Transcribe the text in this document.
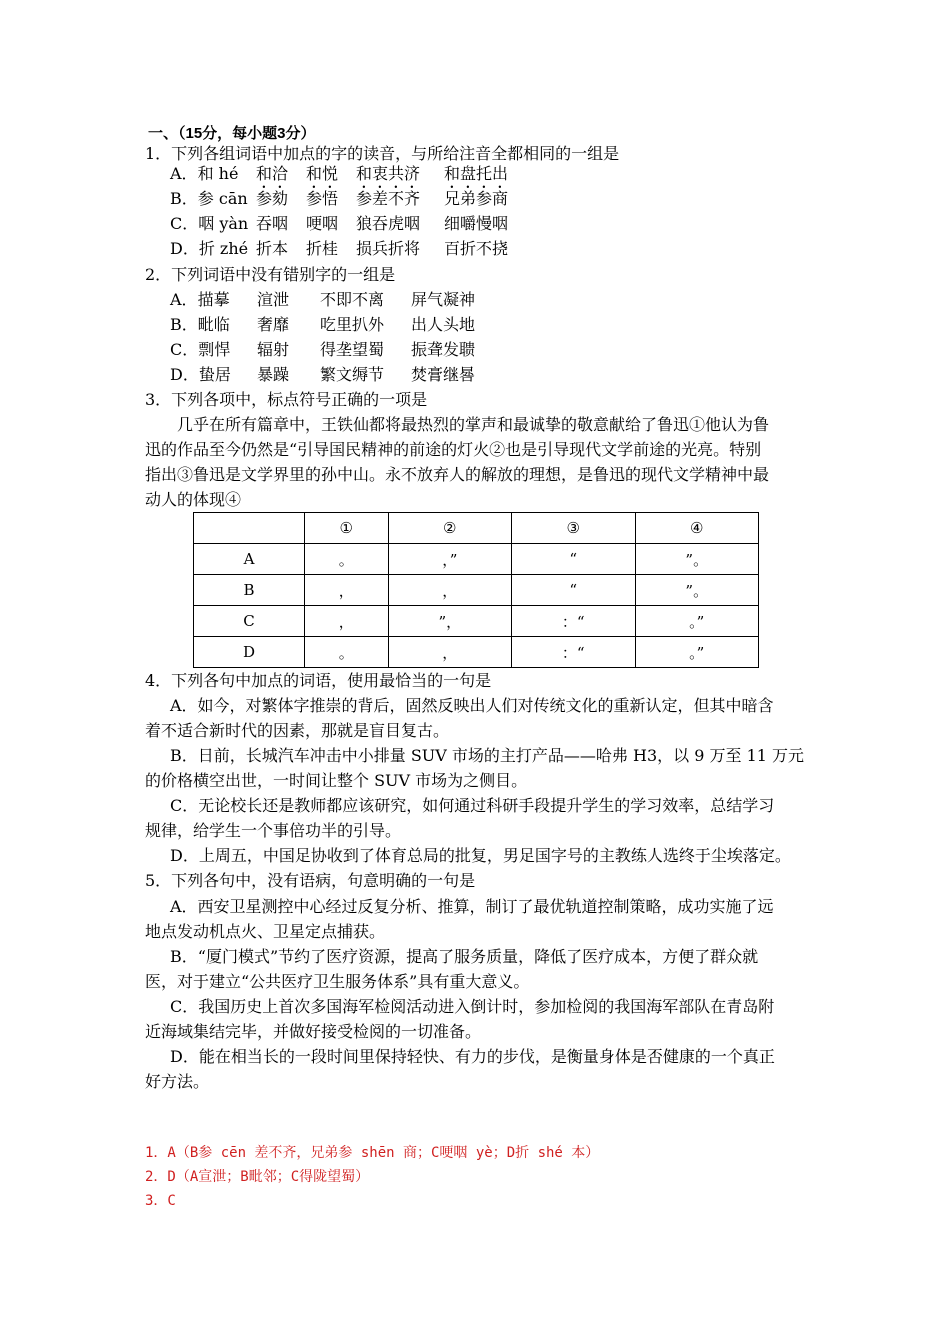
一、（15分，每小题3分）
1．下列各组词语中加点的字的读音，与所给注音全都相同的一组是
A．和 hé 和洽 和悦 和衷共济 和盘托出
B．参 cān 参劾 参悟 参差不齐 兄弟参商
C．咽 yàn 吞咽 哽咽 狼吞虎咽 细嚼慢咽
D．折 zhé 折本 折桂 损兵折将 百折不挠
2．下列词语中没有错别字的一组是
A．描摹 渲泄 不即不离 屏气凝神
B．毗临 奢靡 吃里扒外 出人头地
C．剽悍 辐射 得垄望蜀 振聋发聩
D．蛰居 暴躁 繁文缛节 焚膏继晷
3．下列各项中，标点符号正确的一项是
几乎在所有篇章中，王铁仙都将最热烈的掌声和最诚挚的敬意献给了鲁迅①他认为鲁
迅的作品至今仍然是“引导国民精神的前途的灯火②也是引导现代文学前途的光亮。特别
指出③鲁迅是文学界里的孙中山。永不放弃人的解放的理想，是鲁迅的现代文学精神中最
动人的体现④
	①	②	③	④
A	。	，”	“	”。
B	，	，	“	”。
C	，	”，	：“	。”
D	。	，	：“	。”
4．下列各句中加点的词语，使用最恰当的一句是
A．如今，对繁体字推崇的背后，固然反映出人们对传统文化的重新认定，但其中暗含
着不适合新时代的因素，那就是盲目复古。
B．日前，长城汽车冲击中小排量 SUV 市场的主打产品——哈弗 H3，以 9 万至 11 万元
的价格横空出世，一时间让整个 SUV 市场为之侧目。
C．无论校长还是教师都应该研究，如何通过科研手段提升学生的学习效率，总结学习
规律，给学生一个事倍功半的引导。
D．上周五，中国足协收到了体育总局的批复，男足国字号的主教练人选终于尘埃落定。
5．下列各句中，没有语病，句意明确的一句是
A．西安卫星测控中心经过反复分析、推算，制订了最优轨道控制策略，成功实施了远
地点发动机点火、卫星定点捕获。
B．“厦门模式”节约了医疗资源，提高了服务质量，降低了医疗成本，方便了群众就
医，对于建立“公共医疗卫生服务体系”具有重大意义。
C．我国历史上首次多国海军检阅活动进入倒计时，参加检阅的我国海军部队在青岛附
近海域集结完毕，并做好接受检阅的一切准备。
D．能在相当长的一段时间里保持轻快、有力的步伐，是衡量身体是否健康的一个真正
好方法。
1．A（B参 cēn 差不齐，兄弟参 shēn 商；C哽咽 yè；D折 shé 本）
2．D（A宣泄；B毗邻；C得陇望蜀）
3．C
